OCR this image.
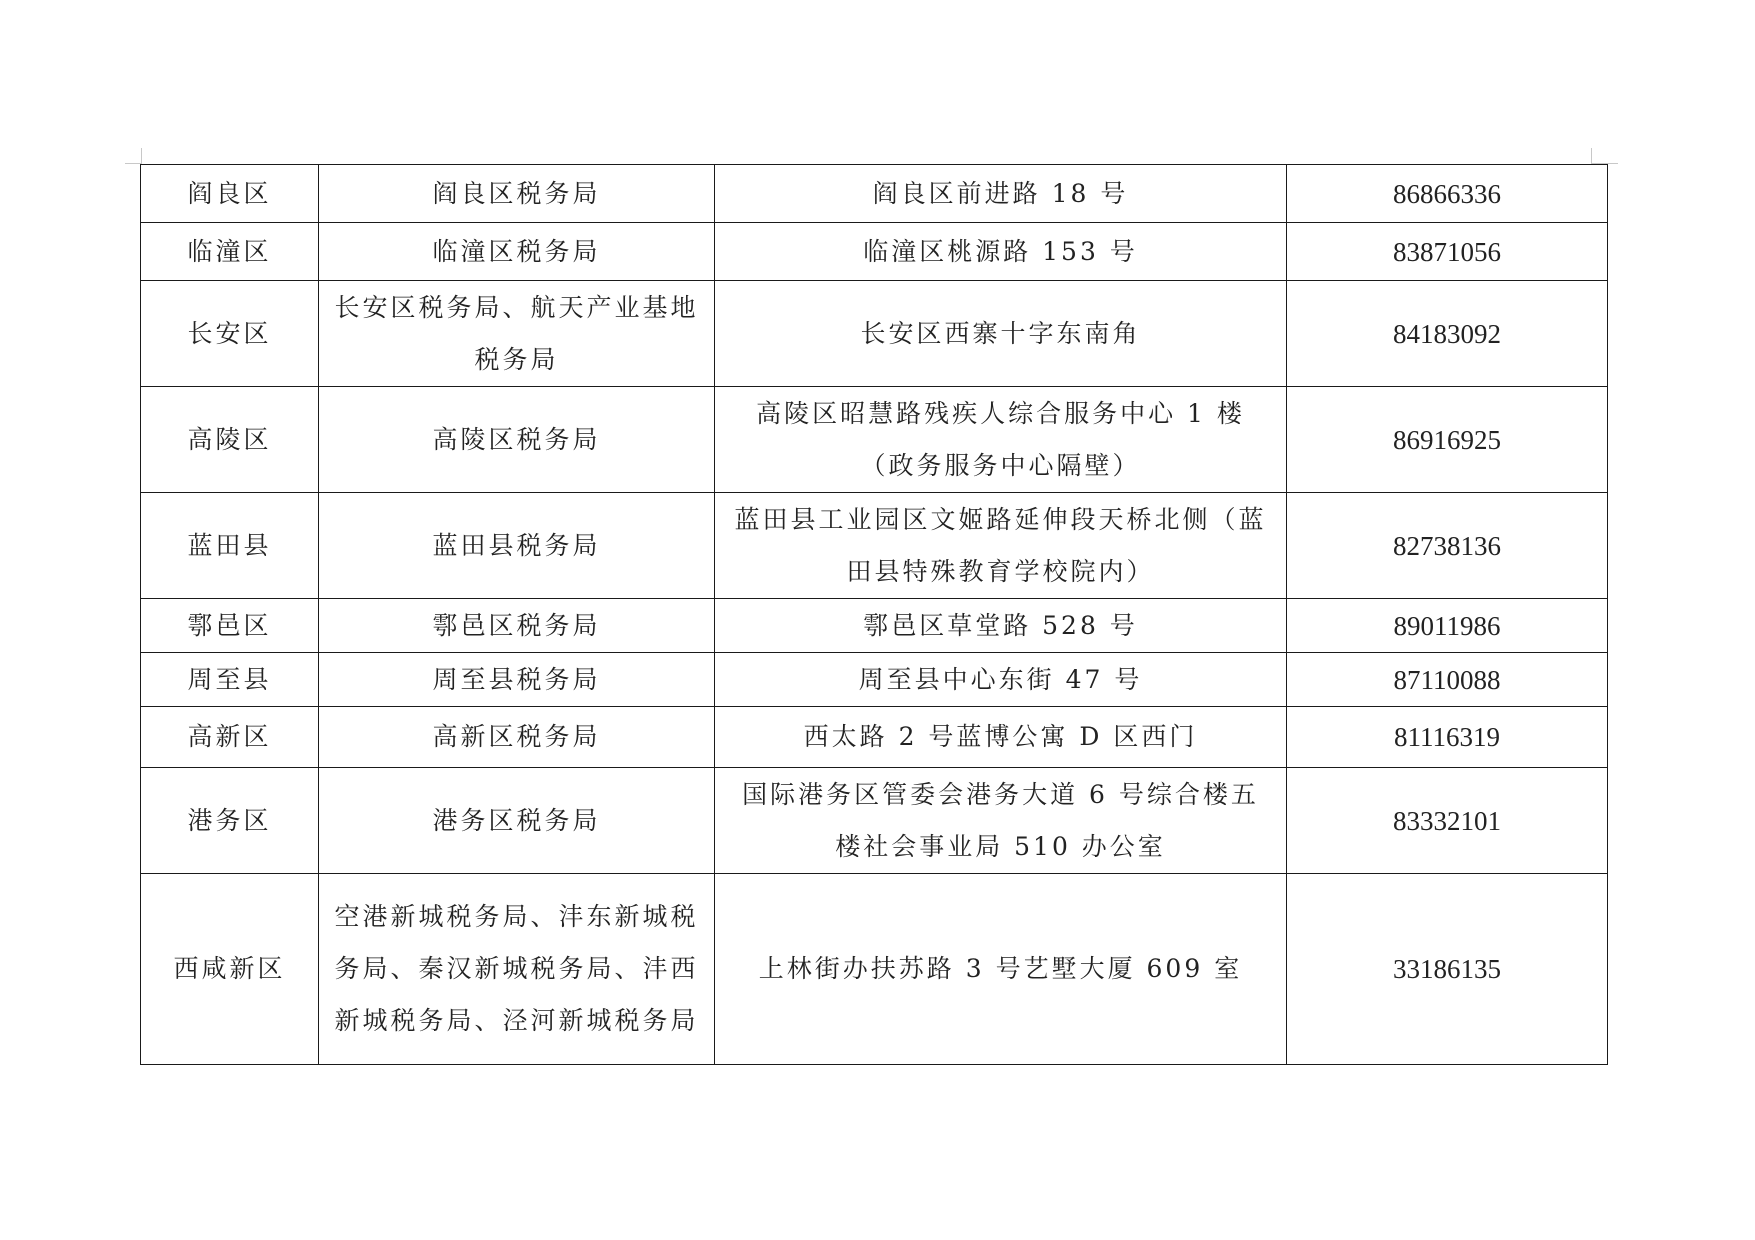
阎良区	阎良区税务局	阎良区前进路 18 号	86866336
临潼区	临潼区税务局	临潼区桃源路 153 号	83871056
长安区	长安区税务局、航天产业基地税务局	长安区西寨十字东南角	84183092
高陵区	高陵区税务局	高陵区昭慧路残疾人综合服务中心 1 楼（政务服务中心隔壁）	86916925
蓝田县	蓝田县税务局	蓝田县工业园区文姬路延伸段天桥北侧（蓝田县特殊教育学校院内）	82738136
鄠邑区	鄠邑区税务局	鄠邑区草堂路 528 号	89011986
周至县	周至县税务局	周至县中心东街 47 号	87110088
高新区	高新区税务局	西太路 2 号蓝博公寓 D 区西门	81116319
港务区	港务区税务局	国际港务区管委会港务大道 6 号综合楼五楼社会事业局 510 办公室	83332101
西咸新区	空港新城税务局、沣东新城税务局、秦汉新城税务局、沣西新城税务局、泾河新城税务局	上林街办扶苏路 3 号艺墅大厦 609 室	33186135
